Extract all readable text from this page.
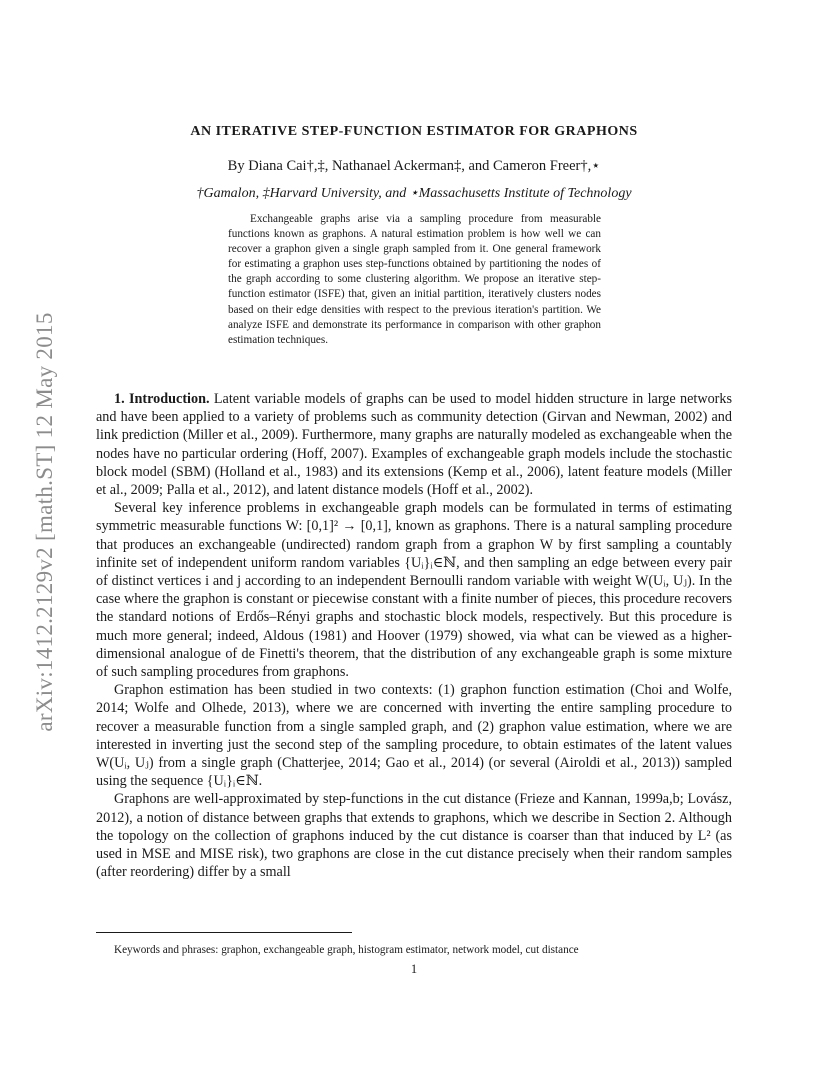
arXiv:1412.2129v2 [math.ST] 12 May 2015
AN ITERATIVE STEP-FUNCTION ESTIMATOR FOR GRAPHONS

By Diana Cai†,‡, Nathanael Ackerman‡, and Cameron Freer†,⋆

†Gamalon, ‡Harvard University, and ⋆Massachusetts Institute of Technology

Exchangeable graphs arise via a sampling procedure from measurable functions known as graphons. A natural estimation problem is how well we can recover a graphon given a single graph sampled from it. One general framework for estimating a graphon uses step-functions obtained by partitioning the nodes of the graph according to some clustering algorithm. We propose an iterative step-function estimator (ISFE) that, given an initial partition, iteratively clusters nodes based on their edge densities with respect to the previous iteration's partition. We analyze ISFE and demonstrate its performance in comparison with other graphon estimation techniques.

1. Introduction. Latent variable models of graphs can be used to model hidden structure in large networks and have been applied to a variety of problems such as community detection (Girvan and Newman, 2002) and link prediction (Miller et al., 2009). Furthermore, many graphs are naturally modeled as exchangeable when the nodes have no particular ordering (Hoff, 2007). Examples of exchangeable graph models include the stochastic block model (SBM) (Holland et al., 1983) and its extensions (Kemp et al., 2006), latent feature models (Miller et al., 2009; Palla et al., 2012), and latent distance models (Hoff et al., 2002).

Several key inference problems in exchangeable graph models can be formulated in terms of estimating symmetric measurable functions W: [0,1]² → [0,1], known as graphons. There is a natural sampling procedure that produces an exchangeable (undirected) random graph from a graphon W by first sampling a countably infinite set of independent uniform random variables {Uᵢ}ᵢ∈ℕ, and then sampling an edge between every pair of distinct vertices i and j according to an independent Bernoulli random variable with weight W(Uᵢ, Uⱼ). In the case where the graphon is constant or piecewise constant with a finite number of pieces, this procedure recovers the standard notions of Erdős–Rényi graphs and stochastic block models, respectively. But this procedure is much more general; indeed, Aldous (1981) and Hoover (1979) showed, via what can be viewed as a higher-dimensional analogue of de Finetti's theorem, that the distribution of any exchangeable graph is some mixture of such sampling procedures from graphons.

Graphon estimation has been studied in two contexts: (1) graphon function estimation (Choi and Wolfe, 2014; Wolfe and Olhede, 2013), where we are concerned with inverting the entire sampling procedure to recover a measurable function from a single sampled graph, and (2) graphon value estimation, where we are interested in inverting just the second step of the sampling procedure, to obtain estimates of the latent values W(Uᵢ, Uⱼ) from a single graph (Chatterjee, 2014; Gao et al., 2014) (or several (Airoldi et al., 2013)) sampled using the sequence {Uᵢ}ᵢ∈ℕ.

Graphons are well-approximated by step-functions in the cut distance (Frieze and Kannan, 1999a,b; Lovász, 2012), a notion of distance between graphs that extends to graphons, which we describe in Section 2. Although the topology on the collection of graphons induced by the cut distance is coarser than that induced by L² (as used in MSE and MISE risk), two graphons are close in the cut distance precisely when their random samples (after reordering) differ by a small

Keywords and phrases: graphon, exchangeable graph, histogram estimator, network model, cut distance

1
